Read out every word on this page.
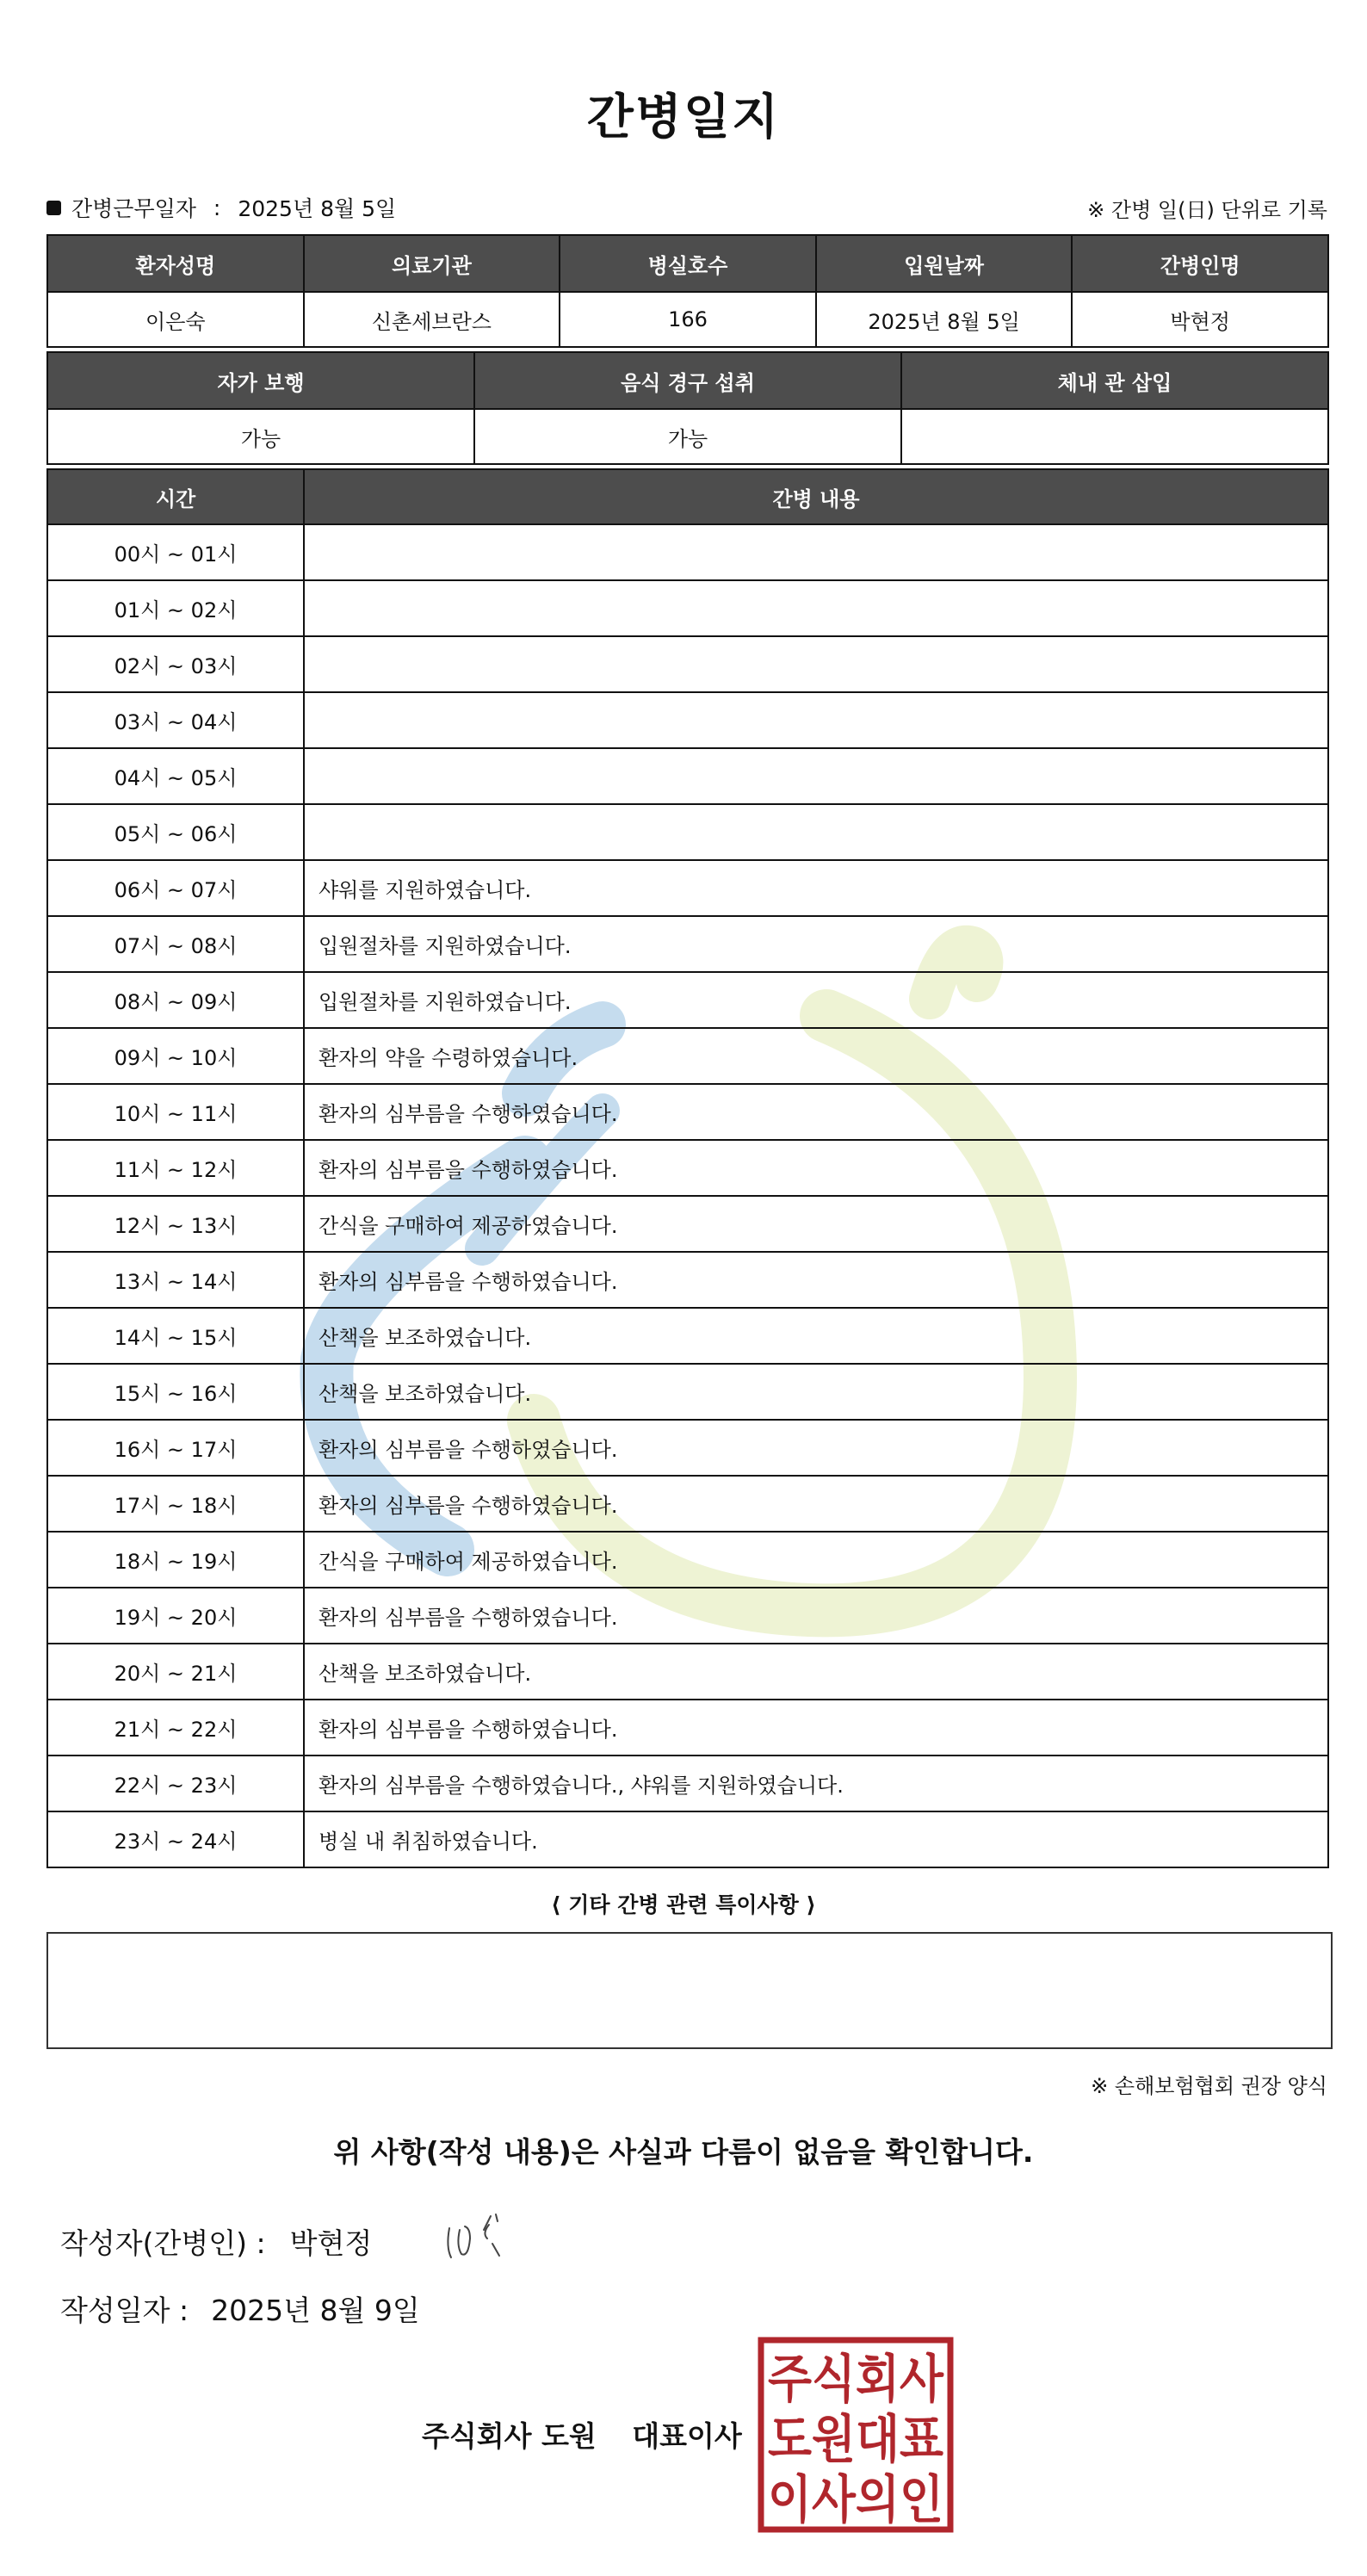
간병일지
간병근무일자 : 2025년 8월 5일	※ 간병 일(日) 단위로 기록
환자성명	의료기관	병실호수	입원날짜	간병인명
이은숙	신촌세브란스	166	2025년 8월 5일	박현정
자가 보행	음식 경구 섭취	체내 관 삽입
가능	가능	
시간	간병 내용
00시 ~ 01시	
01시 ~ 02시	
02시 ~ 03시	
03시 ~ 04시	
04시 ~ 05시	
05시 ~ 06시	
06시 ~ 07시	샤워를 지원하였습니다.
07시 ~ 08시	입원절차를 지원하였습니다.
08시 ~ 09시	입원절차를 지원하였습니다.
09시 ~ 10시	환자의 약을 수령하였습니다.
10시 ~ 11시	환자의 심부름을 수행하였습니다.
11시 ~ 12시	환자의 심부름을 수행하였습니다.
12시 ~ 13시	간식을 구매하여 제공하였습니다.
13시 ~ 14시	환자의 심부름을 수행하였습니다.
14시 ~ 15시	산책을 보조하였습니다.
15시 ~ 16시	산책을 보조하였습니다.
16시 ~ 17시	환자의 심부름을 수행하였습니다.
17시 ~ 18시	환자의 심부름을 수행하였습니다.
18시 ~ 19시	간식을 구매하여 제공하였습니다.
19시 ~ 20시	환자의 심부름을 수행하였습니다.
20시 ~ 21시	산책을 보조하였습니다.
21시 ~ 22시	환자의 심부름을 수행하였습니다.
22시 ~ 23시	환자의 심부름을 수행하였습니다., 샤워를 지원하였습니다.
23시 ~ 24시	병실 내 취침하였습니다.
⟨ 기타 간병 관련 특이사항 ⟩
※ 손해보험협회 권장 양식
위 사항(작성 내용)은 사실과 다름이 없음을 확인합니다.
작성자(간병인) : 박현정
작성일자 : 2025년 8월 9일
주식회사 도원 대표이사
주식회사
도원대표
이사의인
